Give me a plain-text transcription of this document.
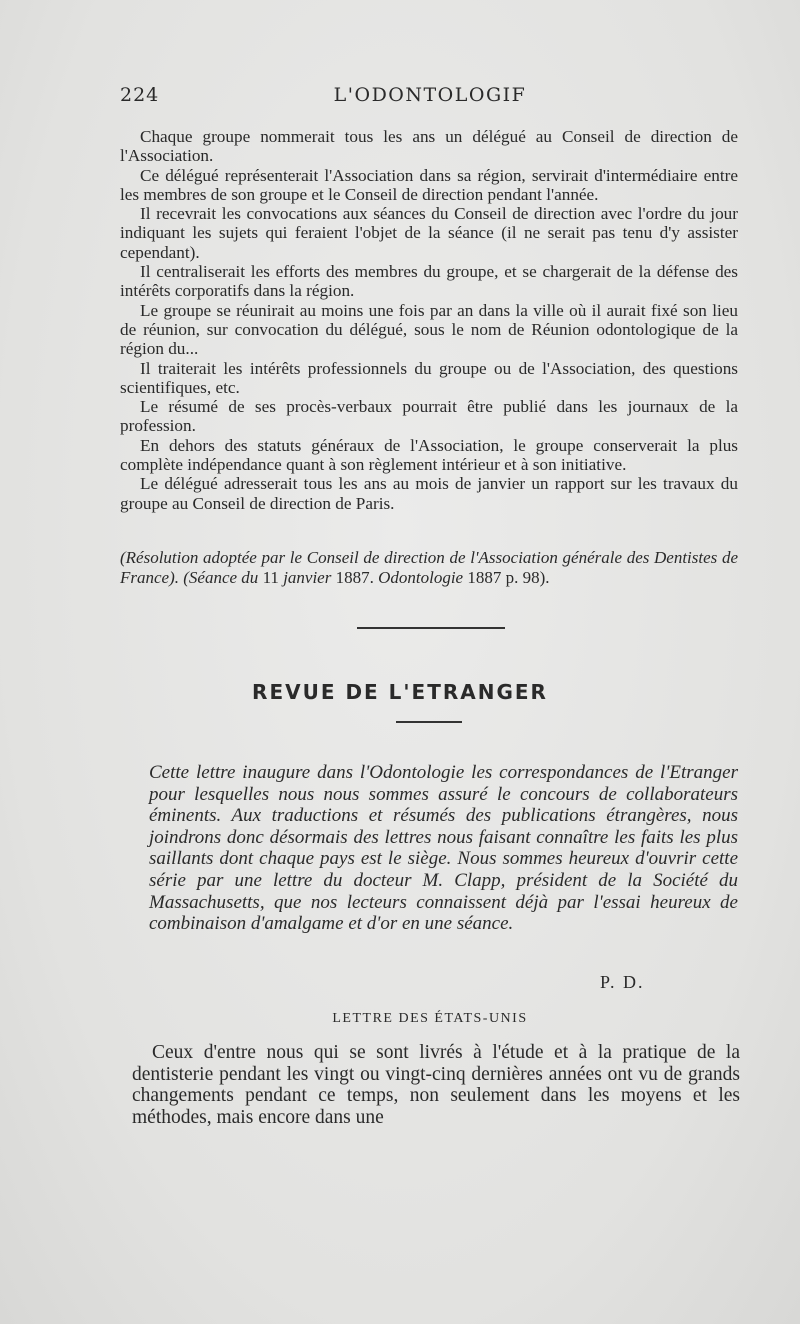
224	L'ODONTOLOGIF

Chaque groupe nommerait tous les ans un délégué au Conseil de direction de l'Association.

Ce délégué représenterait l'Association dans sa région, servirait d'intermédiaire entre les membres de son groupe et le Conseil de direction pendant l'année.

Il recevrait les convocations aux séances du Conseil de direction avec l'ordre du jour indiquant les sujets qui feraient l'objet de la séance (il ne serait pas tenu d'y assister cependant).

Il centraliserait les efforts des membres du groupe, et se chargerait de la défense des intérêts corporatifs dans la région.

Le groupe se réunirait au moins une fois par an dans la ville où il aurait fixé son lieu de réunion, sur convocation du délégué, sous le nom de Réunion odontologique de la région du...

Il traiterait les intérêts professionnels du groupe ou de l'Association, des questions scientifiques, etc.

Le résumé de ses procès-verbaux pourrait être publié dans les journaux de la profession.

En dehors des statuts généraux de l'Association, le groupe conserverait la plus complète indépendance quant à son règlement intérieur et à son initiative.

Le délégué adresserait tous les ans au mois de janvier un rapport sur les travaux du groupe au Conseil de direction de Paris.

(Résolution adoptée par le Conseil de direction de l'Association générale des Dentistes de France). (Séance du 11 janvier 1887. Odontologie 1887 p. 98).
REVUE DE L'ETRANGER

Cette lettre inaugure dans l'Odontologie les correspondances de l'Etranger pour lesquelles nous nous sommes assuré le concours de collaborateurs éminents. Aux traductions et résumés des publications étrangères, nous joindrons donc désormais des lettres nous faisant connaître les faits les plus saillants dont chaque pays est le siège. Nous sommes heureux d'ouvrir cette série par une lettre du docteur M. Clapp, président de la Société du Massachusetts, que nos lecteurs connaissent déjà par l'essai heureux de combinaison d'amalgame et d'or en une séance.

P. D.
LETTRE DES ÉTATS-UNIS

Ceux d'entre nous qui se sont livrés à l'étude et à la pratique de la dentisterie pendant les vingt ou vingt-cinq dernières années ont vu de grands changements pendant ce temps, non seulement dans les moyens et les méthodes, mais encore dans une
